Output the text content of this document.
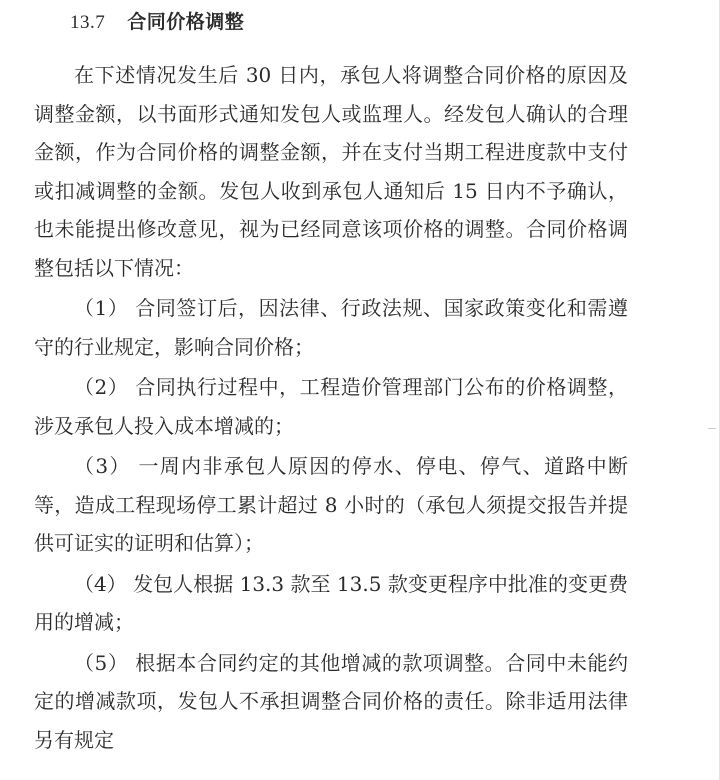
13.7 合同价格调整

在下述情况发生后 30 日内，承包人将调整合同价格的原因及调整金额，以书面形式通知发包人或监理人。经发包人确认的合理金额，作为合同价格的调整金额，并在支付当期工程进度款中支付或扣减调整的金额。发包人收到承包人通知后 15 日内不予确认，也未能提出修改意见，视为已经同意该项价格的调整。合同价格调整包括以下情况：

（1） 合同签订后，因法律、行政法规、国家政策变化和需遵守的行业规定，影响合同价格；

（2） 合同执行过程中，工程造价管理部门公布的价格调整，涉及承包人投入成本增减的；

（3） 一周内非承包人原因的停水、停电、停气、道路中断等，造成工程现场停工累计超过 8 小时的（承包人须提交报告并提供可证实的证明和估算）；

（4） 发包人根据 13.3 款至 13.5 款变更程序中批准的变更费用的增减；

（5） 根据本合同约定的其他增减的款项调整。合同中未能约定的增减款项，发包人不承担调整合同价格的责任。除非适用法律另有规定
